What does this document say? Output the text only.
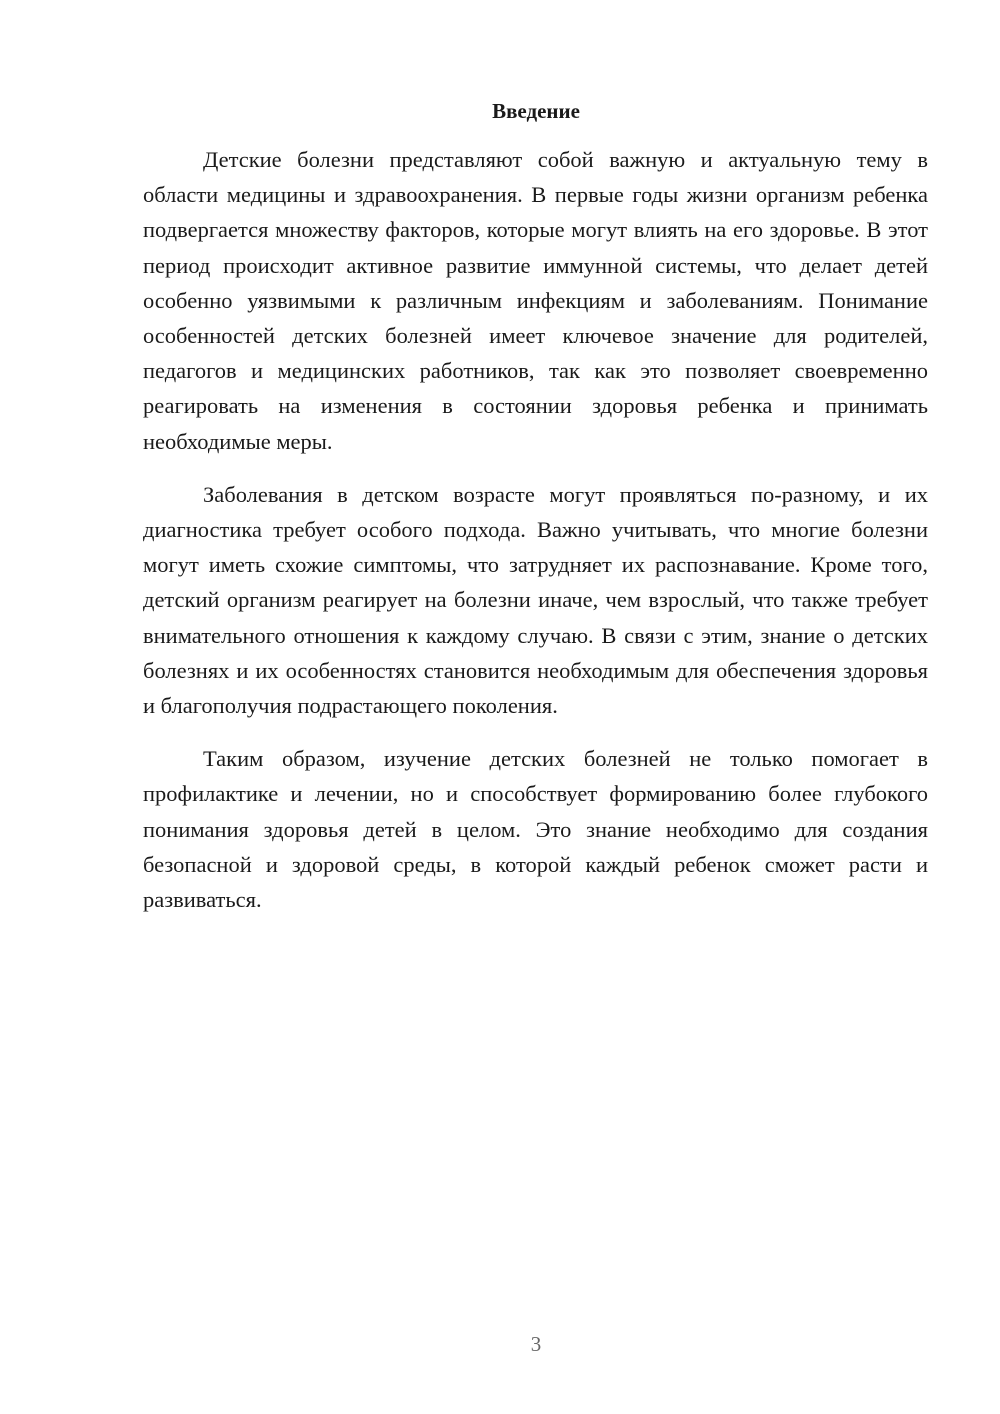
Введение

Детские болезни представляют собой важную и актуальную тему в области медицины и здравоохранения. В первые годы жизни организм ребенка подвергается множеству факторов, которые могут влиять на его здоровье. В этот период происходит активное развитие иммунной системы, что делает детей особенно уязвимыми к различным инфекциям и заболеваниям. Понимание особенностей детских болезней имеет ключевое значение для родителей, педагогов и медицинских работников, так как это позволяет своевременно реагировать на изменения в состоянии здоровья ребенка и принимать необходимые меры.

Заболевания в детском возрасте могут проявляться по-разному, и их диагностика требует особого подхода. Важно учитывать, что многие болезни могут иметь схожие симптомы, что затрудняет их распознавание. Кроме того, детский организм реагирует на болезни иначе, чем взрослый, что также требует внимательного отношения к каждому случаю. В связи с этим, знание о детских болезнях и их особенностях становится необходимым для обеспечения здоровья и благополучия подрастающего поколения.

Таким образом, изучение детских болезней не только помогает в профилактике и лечении, но и способствует формированию более глубокого понимания здоровья детей в целом. Это знание необходимо для создания безопасной и здоровой среды, в которой каждый ребенок сможет расти и развиваться.

3
